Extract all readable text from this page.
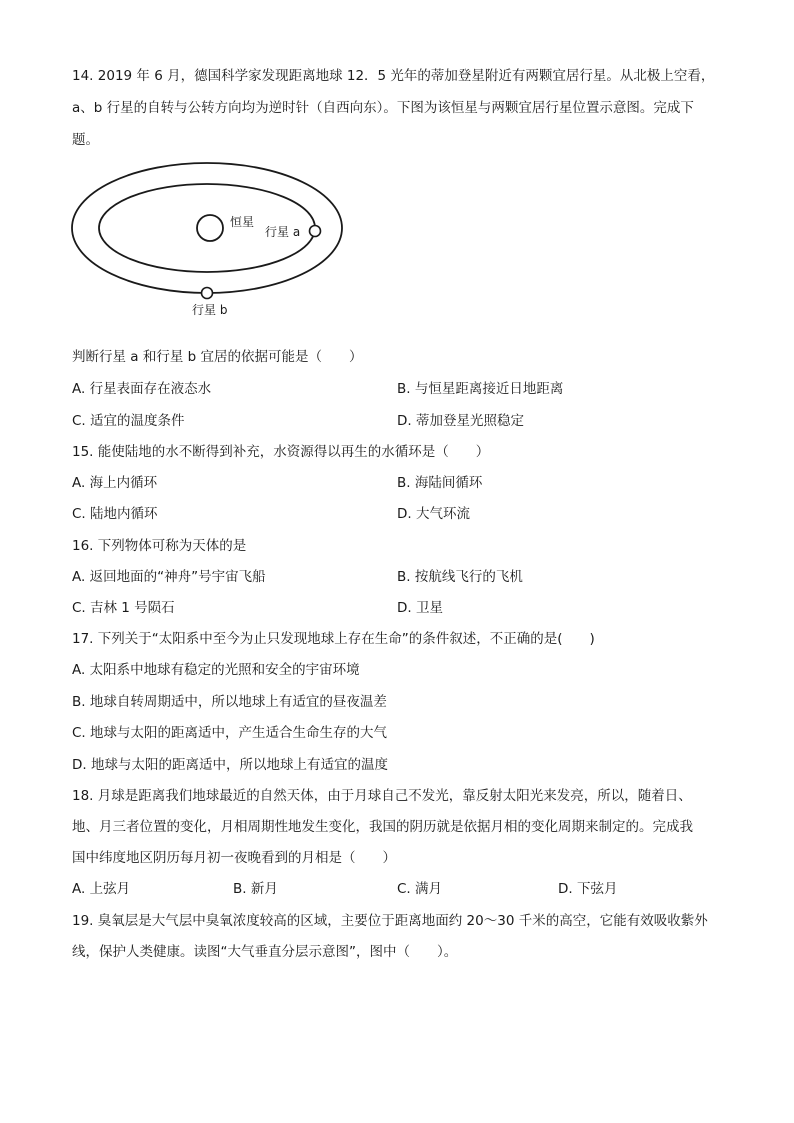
14. 2019 年 6 月，德国科学家发现距离地球 12．5 光年的蒂加登星附近有两颗宜居行星。从北极上空看，
a、b 行星的自转与公转方向均为逆时针（自西向东）。下图为该恒星与两颗宜居行星位置示意图。完成下
题。
恒星
行星 a
行星 b
判断行星 a 和行星 b 宜居的依据可能是（　　）
A. 行星表面存在液态水	B. 与恒星距离接近日地距离
C. 适宜的温度条件	D. 蒂加登星光照稳定
15. 能使陆地的水不断得到补充，水资源得以再生的水循环是（　　）
A. 海上内循环	B. 海陆间循环
C. 陆地内循环	D. 大气环流
16. 下列物体可称为天体的是
A. 返回地面的“神舟”号宇宙飞船	B. 按航线飞行的飞机
C. 吉林 1 号陨石	D. 卫星
17. 下列关于“太阳系中至今为止只发现地球上存在生命”的条件叙述，不正确的是(　　)
A. 太阳系中地球有稳定的光照和安全的宇宙环境
B. 地球自转周期适中，所以地球上有适宜的昼夜温差
C. 地球与太阳的距离适中，产生适合生命生存的大气
D. 地球与太阳的距离适中，所以地球上有适宜的温度
18. 月球是距离我们地球最近的自然天体，由于月球自己不发光，靠反射太阳光来发亮，所以，随着日、
地、月三者位置的变化，月相周期性地发生变化，我国的阴历就是依据月相的变化周期来制定的。完成我
国中纬度地区阴历每月初一夜晚看到的月相是（　　）
A. 上弦月	B. 新月	C. 满月	D. 下弦月
19. 臭氧层是大气层中臭氧浓度较高的区域，主要位于距离地面约 20～30 千米的高空，它能有效吸收紫外
线，保护人类健康。读图“大气垂直分层示意图”，图中（　　）。
